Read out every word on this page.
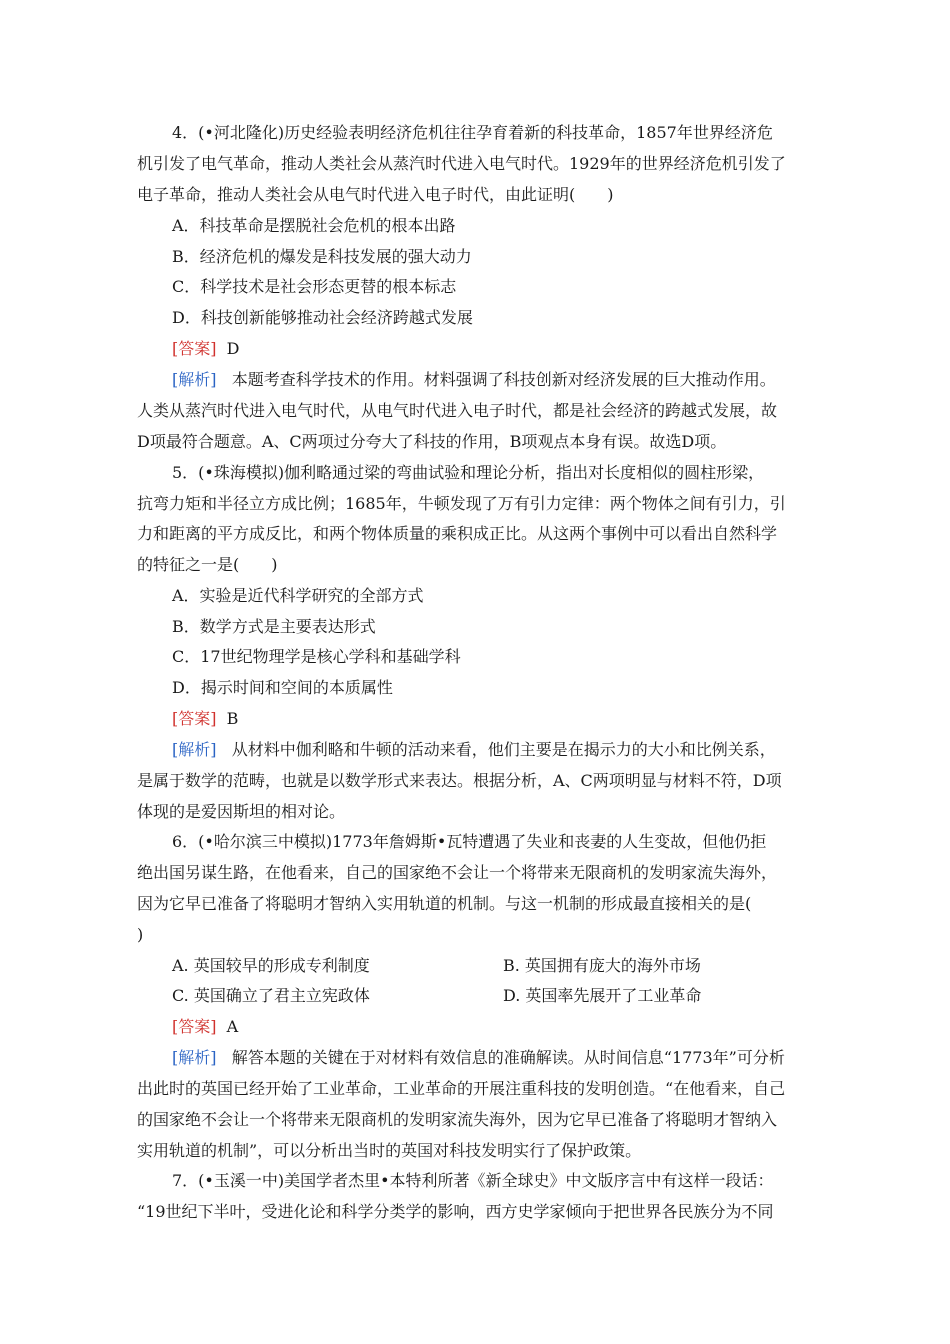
4．(•河北隆化)历史经验表明经济危机往往孕育着新的科技革命，1857年世界经济危
机引发了电气革命，推动人类社会从蒸汽时代进入电气时代。1929年的世界经济危机引发了
电子革命，推动人类社会从电气时代进入电子时代，由此证明(　　)
A．科技革命是摆脱社会危机的根本出路
B．经济危机的爆发是科技发展的强大动力
C．科学技术是社会形态更替的根本标志
D．科技创新能够推动社会经济跨越式发展
[答案] D
[解析] 本题考查科学技术的作用。材料强调了科技创新对经济发展的巨大推动作用。
人类从蒸汽时代进入电气时代，从电气时代进入电子时代，都是社会经济的跨越式发展，故
D项最符合题意。A、C两项过分夸大了科技的作用，B项观点本身有误。故选D项。
5．(•珠海模拟)伽利略通过梁的弯曲试验和理论分析，指出对长度相似的圆柱形梁，
抗弯力矩和半径立方成比例；1685年，牛顿发现了万有引力定律：两个物体之间有引力，引
力和距离的平方成反比，和两个物体质量的乘积成正比。从这两个事例中可以看出自然科学
的特征之一是(　　)
A．实验是近代科学研究的全部方式
B．数学方式是主要表达形式
C．17世纪物理学是核心学科和基础学科
D．揭示时间和空间的本质属性
[答案] B
[解析] 从材料中伽利略和牛顿的活动来看，他们主要是在揭示力的大小和比例关系，
是属于数学的范畴，也就是以数学形式来表达。根据分析，A、C两项明显与材料不符，D项
体现的是爱因斯坦的相对论。
6．(•哈尔滨三中模拟)1773年詹姆斯•瓦特遭遇了失业和丧妻的人生变故，但他仍拒
绝出国另谋生路，在他看来，自己的国家绝不会让一个将带来无限商机的发明家流失海外，
因为它早已准备了将聪明才智纳入实用轨道的机制。与这一机制的形成最直接相关的是(
)
A. 英国较早的形成专利制度	B. 英国拥有庞大的海外市场
C. 英国确立了君主立宪政体	D. 英国率先展开了工业革命
[答案] A
[解析] 解答本题的关键在于对材料有效信息的准确解读。从时间信息“1773年”可分析
出此时的英国已经开始了工业革命，工业革命的开展注重科技的发明创造。“在他看来，自己
的国家绝不会让一个将带来无限商机的发明家流失海外，因为它早已准备了将聪明才智纳入
实用轨道的机制”，可以分析出当时的英国对科技发明实行了保护政策。
7．(•玉溪一中)美国学者杰里•本特利所著《新全球史》中文版序言中有这样一段话：
“19世纪下半叶，受进化论和科学分类学的影响，西方史学家倾向于把世界各民族分为不同
